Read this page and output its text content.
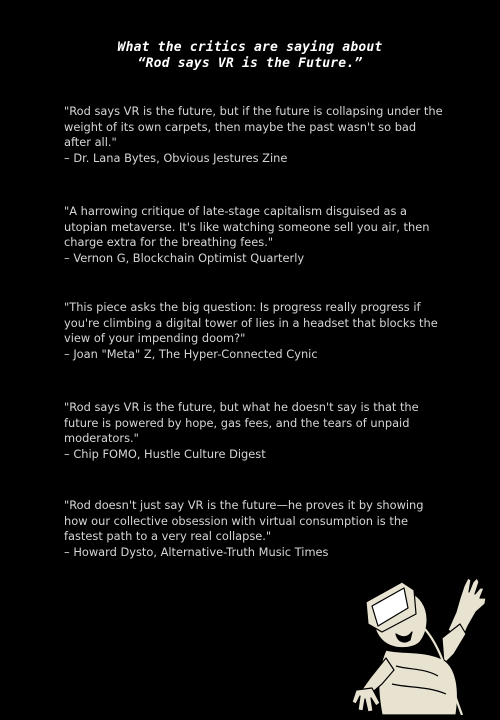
What the critics are saying about
“Rod says VR is the Future.”

"Rod says VR is the future, but if the future is collapsing under the weight of its own carpets, then maybe the past wasn't so bad after all."
– Dr. Lana Bytes, Obvious Jestures Zine

"A harrowing critique of late-stage capitalism disguised as a utopian metaverse. It's like watching someone sell you air, then charge extra for the breathing fees."
– Vernon G, Blockchain Optimist Quarterly

"This piece asks the big question: Is progress really progress if you're climbing a digital tower of lies in a headset that blocks the view of your impending doom?"
– Joan "Meta" Z, The Hyper-Connected Cynic

"Rod says VR is the future, but what he doesn't say is that the future is powered by hope, gas fees, and the tears of unpaid moderators."
– Chip FOMO, Hustle Culture Digest

"Rod doesn't just say VR is the future—he proves it by showing how our collective obsession with virtual consumption is the fastest path to a very real collapse."
– Howard Dysto, Alternative-Truth Music Times
